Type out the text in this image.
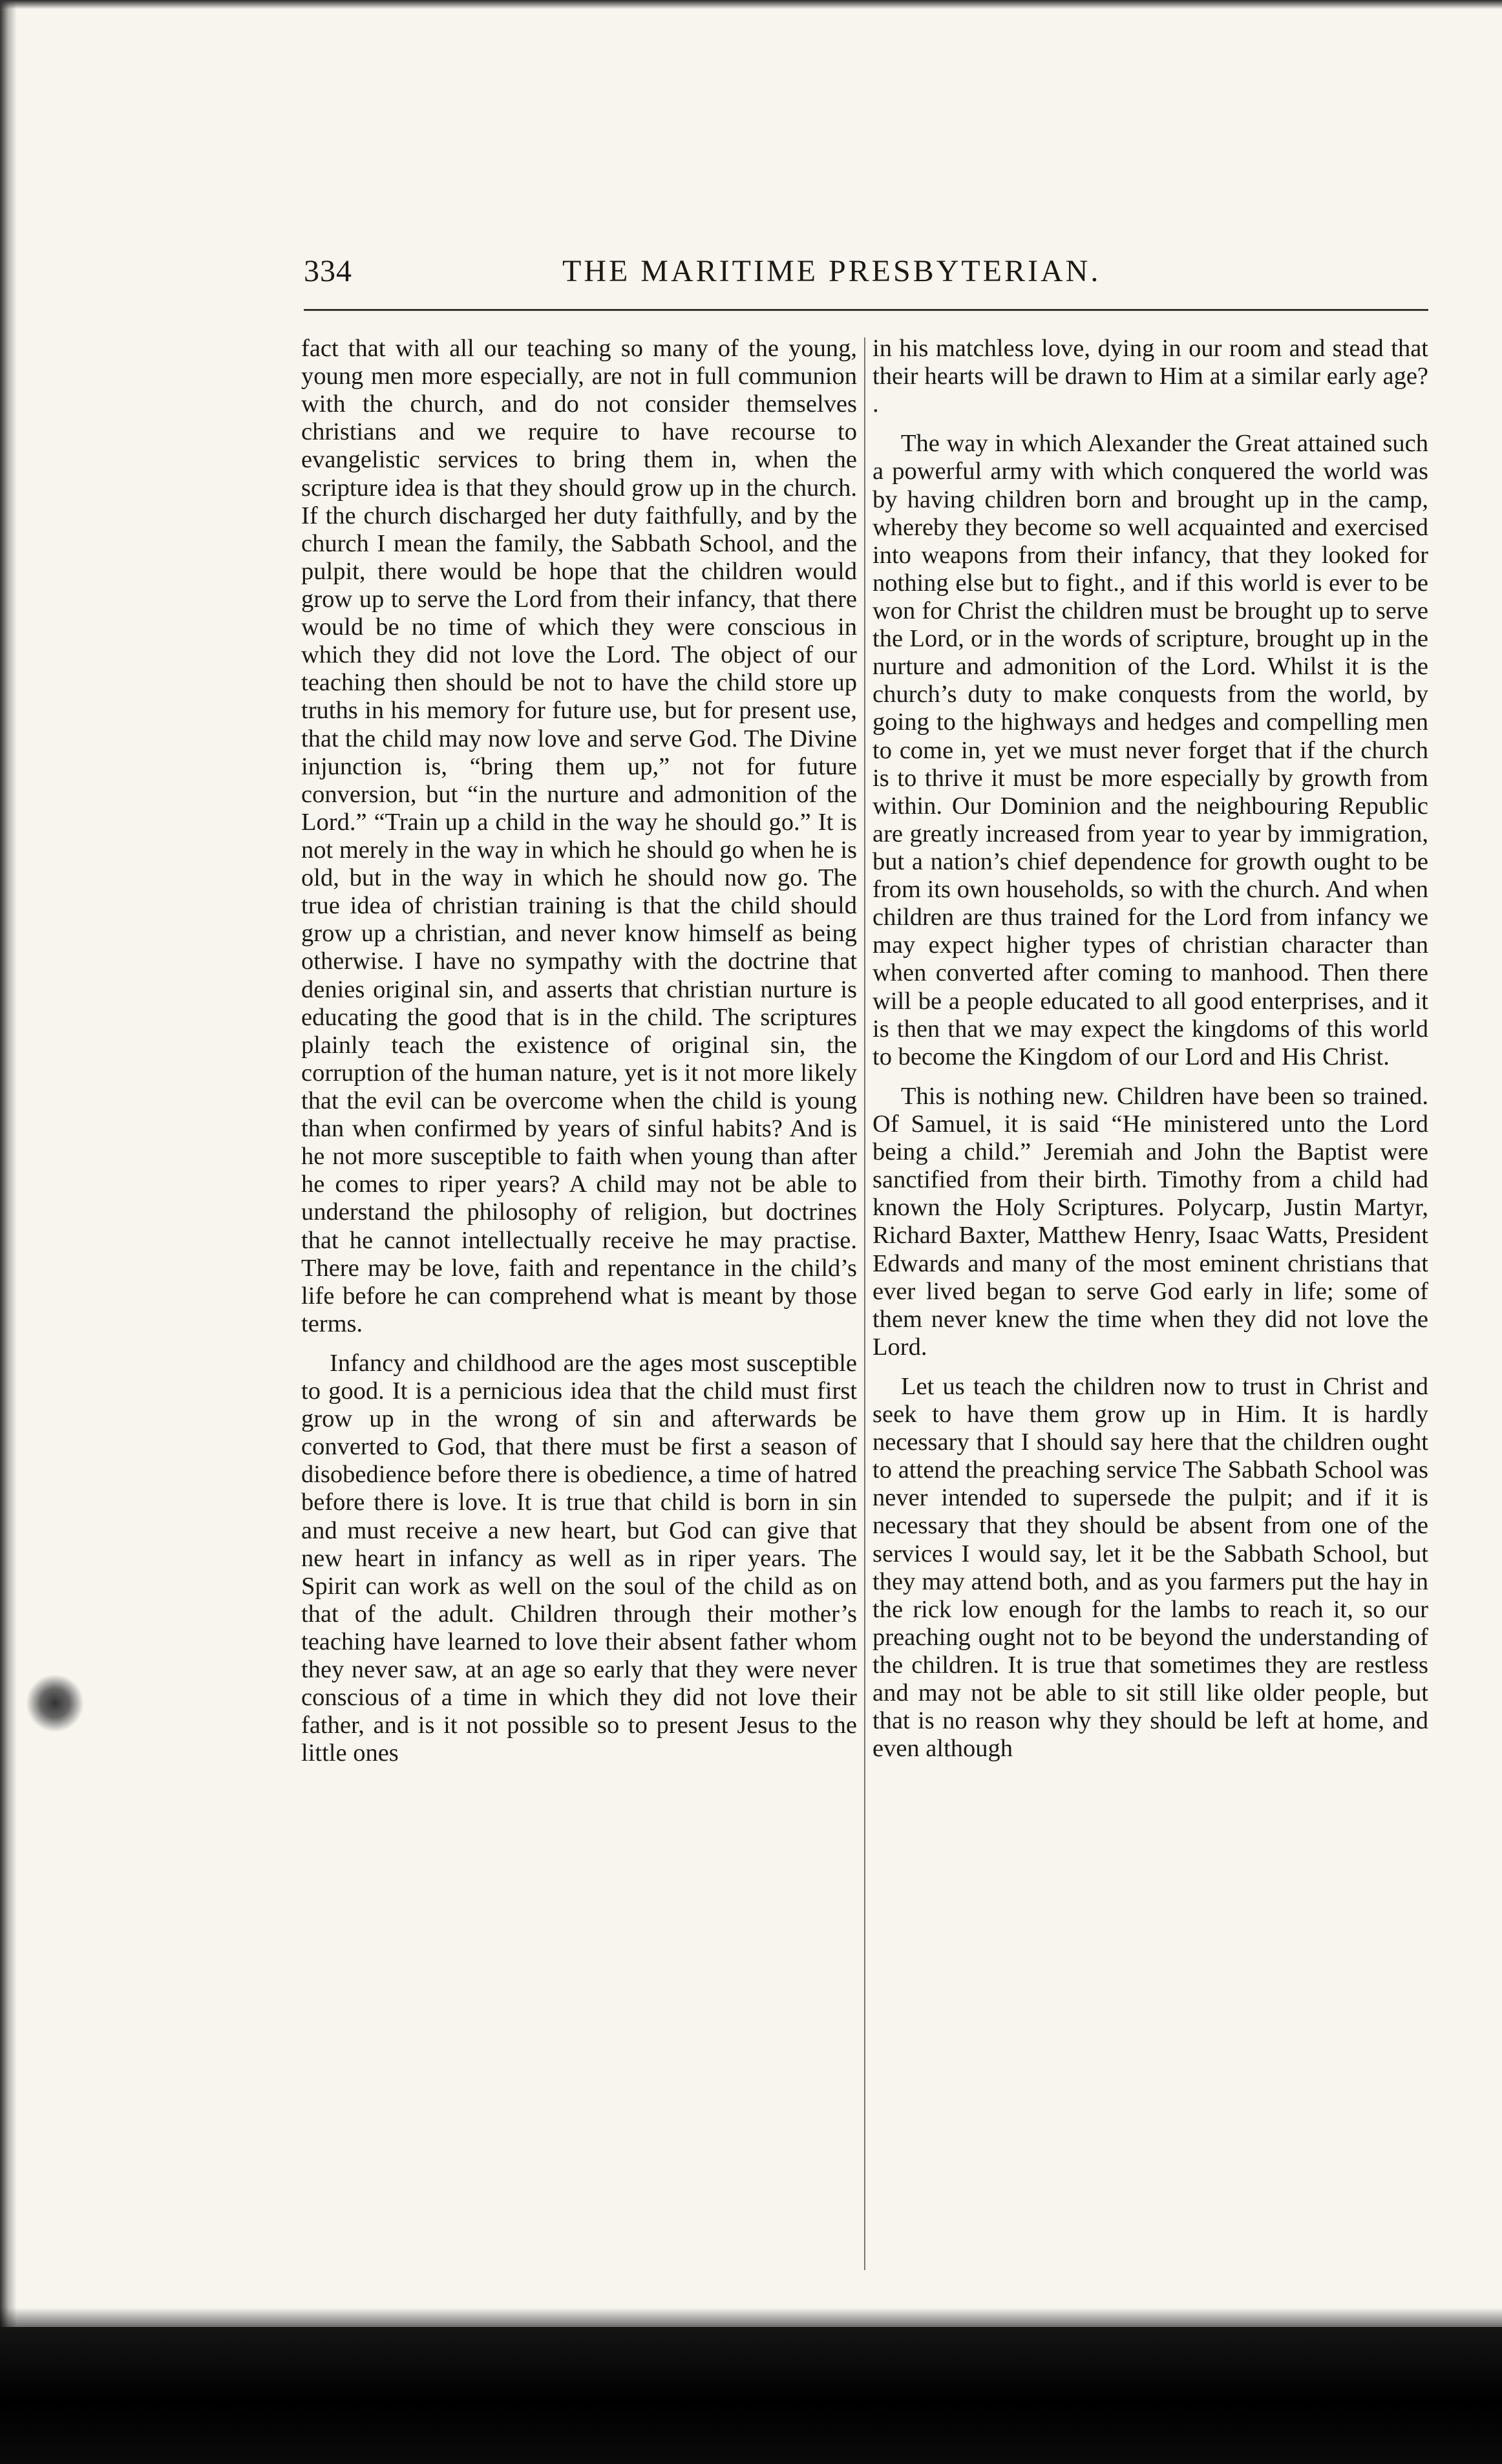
334	THE MARITIME PRESBYTERIAN.

fact that with all our teaching so many of the young, young men more especially, are not in full communion with the church, and do not consider themselves christians and we require to have recourse to evangelistic services to bring them in, when the scripture idea is that they should grow up in the church. If the church discharged her duty faithfully, and by the church I mean the family, the Sabbath School, and the pulpit, there would be hope that the children would grow up to serve the Lord from their infancy, that there would be no time of which they were conscious in which they did not love the Lord. The object of our teaching then should be not to have the child store up truths in his memory for future use, but for present use, that the child may now love and serve God. The Divine injunction is, “bring them up,” not for future conversion, but “in the nurture and admonition of the Lord.” “Train up a child in the way he should go.” It is not merely in the way in which he should go when he is old, but in the way in which he should now go. The true idea of christian training is that the child should grow up a christian, and never know himself as being otherwise. I have no sympathy with the doctrine that denies original sin, and asserts that christian nurture is educating the good that is in the child. The scriptures plainly teach the existence of original sin, the corruption of the human nature, yet is it not more likely that the evil can be overcome when the child is young than when confirmed by years of sinful habits? And is he not more susceptible to faith when young than after he comes to riper years? A child may not be able to understand the philosophy of religion, but doctrines that he cannot intellectually receive he may practise. There may be love, faith and repentance in the child’s life before he can comprehend what is meant by those terms.

Infancy and childhood are the ages most susceptible to good. It is a pernicious idea that the child must first grow up in the wrong of sin and afterwards be converted to God, that there must be first a season of disobedience before there is obedience, a time of hatred before there is love. It is true that child is born in sin and must receive a new heart, but God can give that new heart in infancy as well as in riper years. The Spirit can work as well on the soul of the child as on that of the adult. Children through their mother’s teaching have learned to love their absent father whom they never saw, at an age so early that they were never conscious of a time in which they did not love their father, and is it not possible so to present Jesus to the little ones

in his matchless love, dying in our room and stead that their hearts will be drawn to Him at a similar early age? .

The way in which Alexander the Great attained such a powerful army with which conquered the world was by having children born and brought up in the camp, whereby they become so well acquainted and exercised into weapons from their infancy, that they looked for nothing else but to fight., and if this world is ever to be won for Christ the children must be brought up to serve the Lord, or in the words of scripture, brought up in the nurture and admonition of the Lord. Whilst it is the church’s duty to make conquests from the world, by going to the highways and hedges and compelling men to come in, yet we must never forget that if the church is to thrive it must be more especially by growth from within. Our Dominion and the neighbouring Republic are greatly increased from year to year by immigration, but a nation’s chief dependence for growth ought to be from its own households, so with the church. And when children are thus trained for the Lord from infancy we may expect higher types of christian character than when converted after coming to manhood. Then there will be a people educated to all good enterprises, and it is then that we may expect the kingdoms of this world to become the Kingdom of our Lord and His Christ.

This is nothing new. Children have been so trained. Of Samuel, it is said “He ministered unto the Lord being a child.” Jeremiah and John the Baptist were sanctified from their birth. Timothy from a child had known the Holy Scriptures. Polycarp, Justin Martyr, Richard Baxter, Matthew Henry, Isaac Watts, President Edwards and many of the most eminent christians that ever lived began to serve God early in life; some of them never knew the time when they did not love the Lord.

Let us teach the children now to trust in Christ and seek to have them grow up in Him. It is hardly necessary that I should say here that the children ought to attend the preaching service The Sabbath School was never intended to supersede the pulpit; and if it is necessary that they should be absent from one of the services I would say, let it be the Sabbath School, but they may attend both, and as you farmers put the hay in the rick low enough for the lambs to reach it, so our preaching ought not to be beyond the understanding of the children. It is true that sometimes they are restless and may not be able to sit still like older people, but that is no reason why they should be left at home, and even although
